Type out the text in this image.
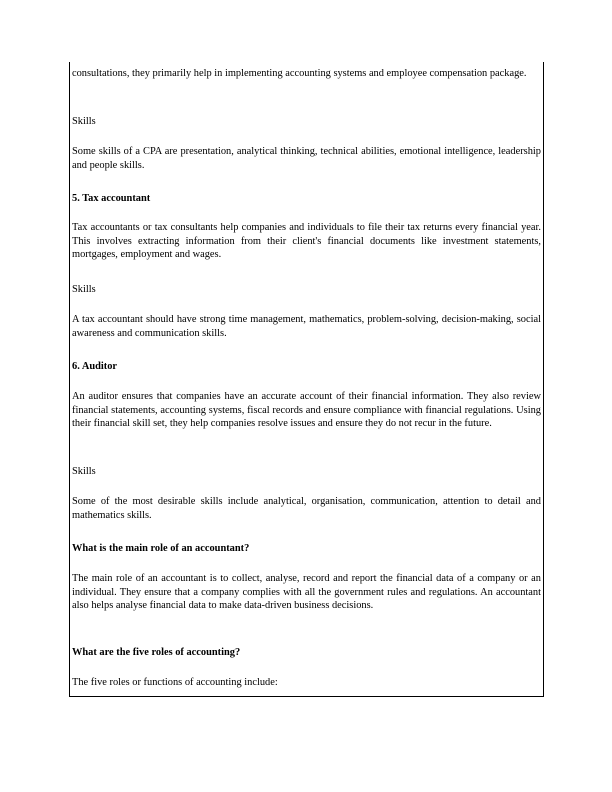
consultations, they primarily help in implementing accounting systems and employee compensation package.

Skills

Some skills of a CPA are presentation, analytical thinking, technical abilities, emotional intelligence, leadership and people skills.

5. Tax accountant

Tax accountants or tax consultants help companies and individuals to file their tax returns every financial year. This involves extracting information from their client's financial documents like investment statements, mortgages, employment and wages.

Skills

A tax accountant should have strong time management, mathematics, problem-solving, decision-making, social awareness and communication skills.

6. Auditor

An auditor ensures that companies have an accurate account of their financial information. They also review financial statements, accounting systems, fiscal records and ensure compliance with financial regulations. Using their financial skill set, they help companies resolve issues and ensure they do not recur in the future.

Skills

Some of the most desirable skills include analytical, organisation, communication, attention to detail and mathematics skills.

What is the main role of an accountant?

The main role of an accountant is to collect, analyse, record and report the financial data of a company or an individual. They ensure that a company complies with all the government rules and regulations. An accountant also helps analyse financial data to make data-driven business decisions.

What are the five roles of accounting?

The five roles or functions of accounting include:
